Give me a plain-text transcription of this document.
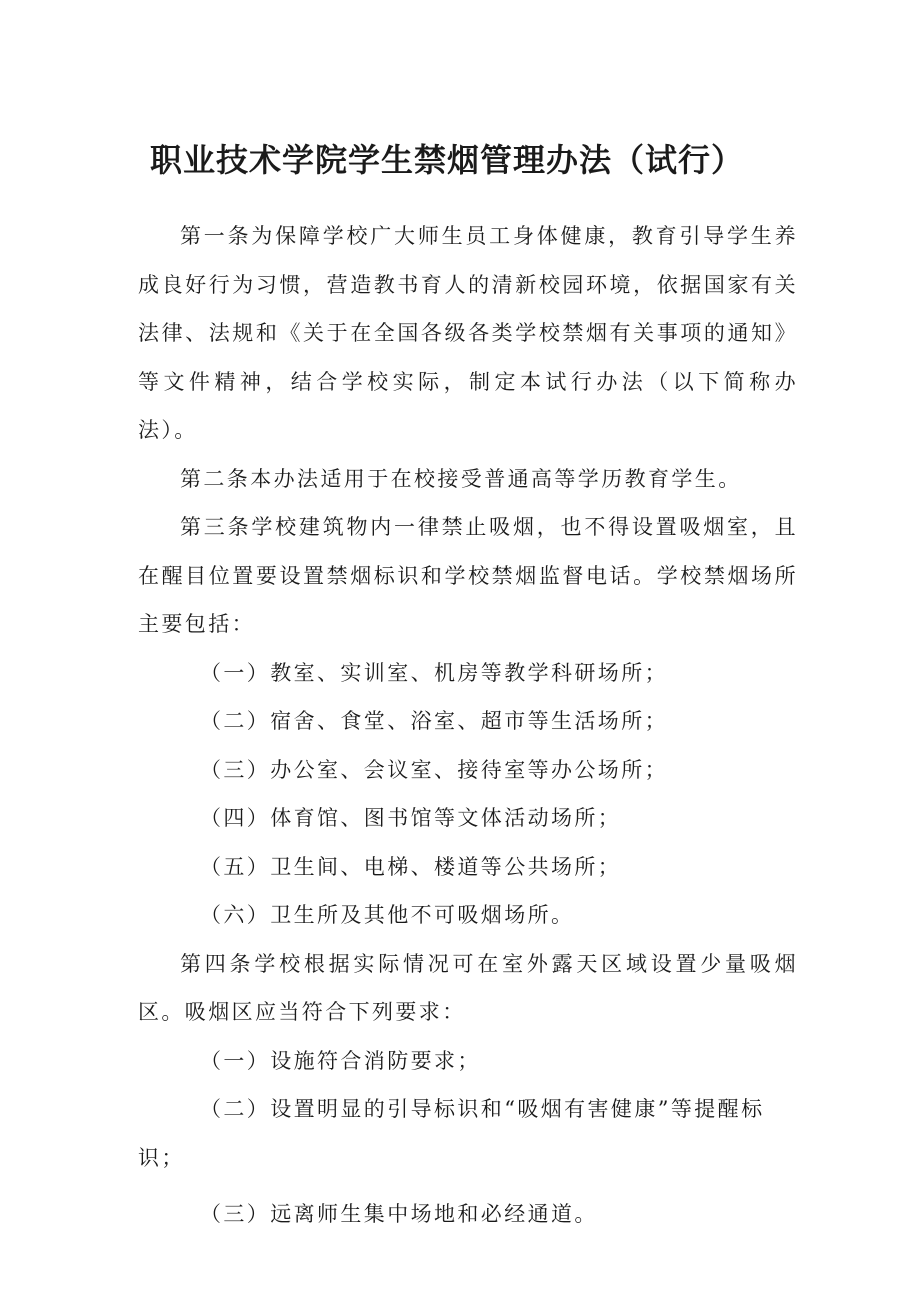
职业技术学院学生禁烟管理办法（试行）

第一条为保障学校广大师生员工身体健康，教育引导学生养成良好行为习惯，营造教书育人的清新校园环境，依据国家有关法律、法规和《关于在全国各级各类学校禁烟有关事项的通知》等文件精神，结合学校实际，制定本试行办法（以下简称办法）。

第二条本办法适用于在校接受普通高等学历教育学生。

第三条学校建筑物内一律禁止吸烟，也不得设置吸烟室，且在醒目位置要设置禁烟标识和学校禁烟监督电话。学校禁烟场所主要包括：

（一）教室、实训室、机房等教学科研场所；

（二）宿舍、食堂、浴室、超市等生活场所；

（三）办公室、会议室、接待室等办公场所；

（四）体育馆、图书馆等文体活动场所；

（五）卫生间、电梯、楼道等公共场所；

（六）卫生所及其他不可吸烟场所。

第四条学校根据实际情况可在室外露天区域设置少量吸烟区。吸烟区应当符合下列要求：

（一）设施符合消防要求；

（二）设置明显的引导标识和“吸烟有害健康”等提醒标识；

（三）远离师生集中场地和必经通道。
